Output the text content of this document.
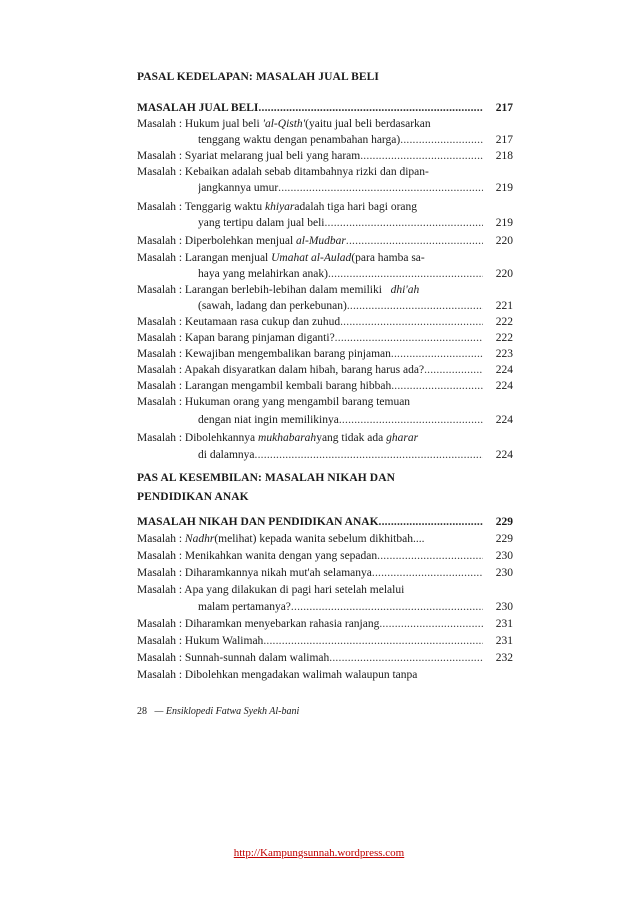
PASAL KEDELAPAN: MASALAH JUAL BELI
MASALAH JUAL BELI .....	217
Masalah : Hukum jual beli
'al-Qisth' (yaitu jual beli berdasarkan
tenggang waktu dengan penambahan harga) .....	217
Masalah : Syariat melarang jual beli yang haram .....	218
Masalah : Kebaikan adalah sebab ditambahnya rizki dan dipan-
jangkannya umur .....	219
Masalah : Tenggarig waktu
khiyar adalah tiga hari bagi orang
yang tertipu dalam jual beli .....	219
Masalah : Diperbolehkan menjual
al-Mudbar .....	220
Masalah : Larangan menjual
Umahat al-Aulad (para hamba sa-
haya yang melahirkan anak) .....	220
Masalah : Larangan berlebih-lebihan dalam memiliki
dhi'ah
(sawah, ladang dan perkebunan) .....	221
Masalah : Keutamaan rasa cukup dan zuhud .....	222
Masalah : Kapan barang pinjaman diganti? .....	222
Masalah : Kewajiban mengembalikan barang pinjaman .....	223
Masalah : Apakah disyaratkan dalam hibah, barang harus ada? .....	224
Masalah : Larangan mengambil kembali barang hibbah .....	224
Masalah : Hukuman orang yang mengambil barang temuan
dengan niat ingin memilikinya .....	224
Masalah : Dibolehkannya
mukhabarah yang tidak ada
gharar
di dalamnya .....	224
PAS AL KESEMBILAN: MASALAH NIKAH DAN
PENDIDIKAN ANAK
MASALAH NIKAH DAN PENDIDIKAN ANAK .....	229
Masalah :
Nadhr (melihat) kepada wanita sebelum dikhitbah....	229
Masalah : Menikahkan wanita dengan yang sepadan .....	230
Masalah : Diharamkannya nikah mut'ah selamanya .....	230
Masalah : Apa yang dilakukan di pagi hari setelah melalui
malam pertamanya? .....	230
Masalah : Diharamkan menyebarkan rahasia ranjang .....	231
Masalah : Hukum Walimah .....	231
Masalah : Sunnah-sunnah dalam walimah .....	232
Masalah : Dibolehkan mengadakan walimah walaupun tanpa
28 — Ensiklopedi Fatwa Syekh Al-bani
http://Kampungsunnah.wordpress.com
